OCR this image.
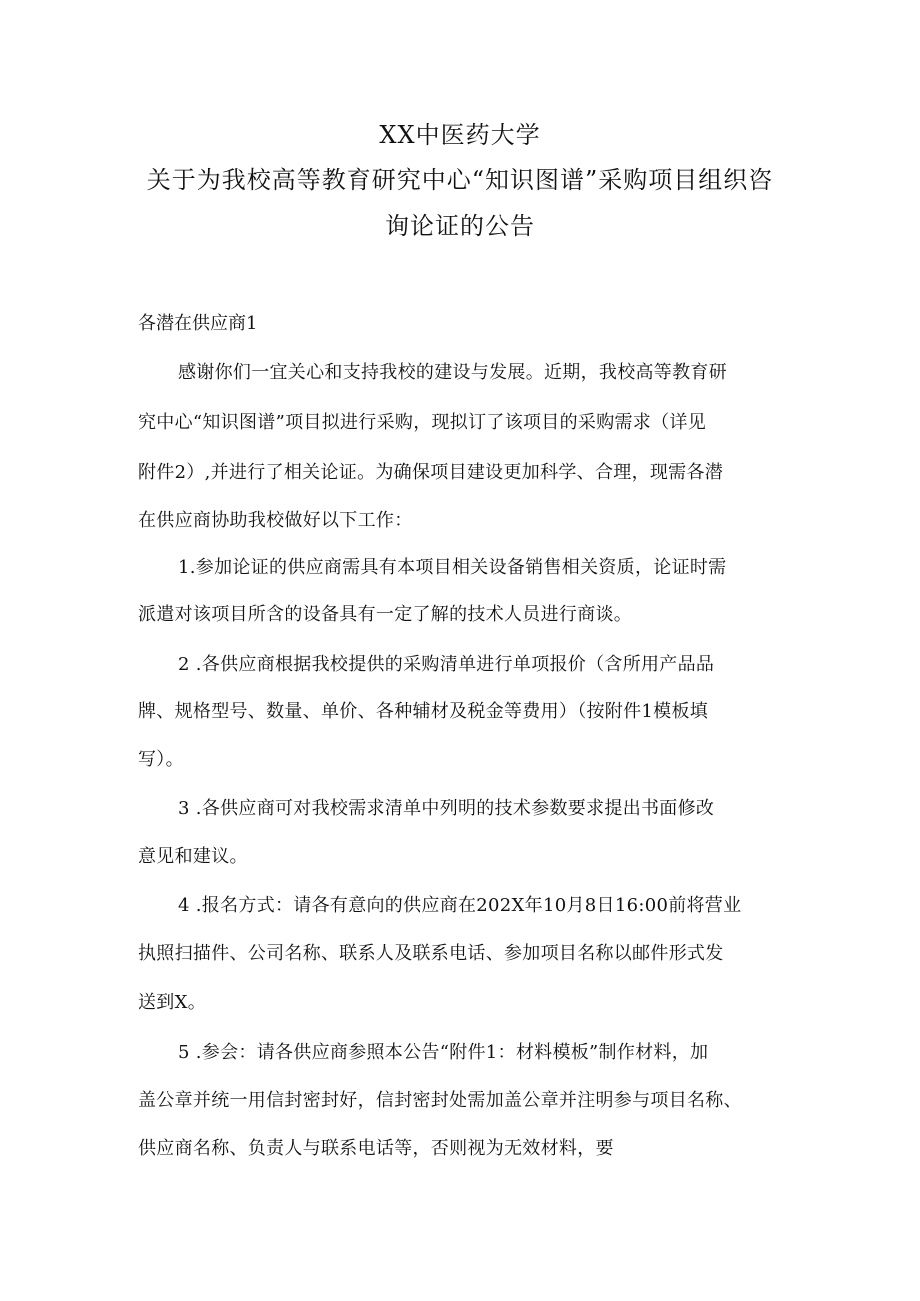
XX中医药大学
关于为我校高等教育研究中心“知识图谱”采购项目组织咨
询论证的公告
各潜在供应商1
感谢你们一宜关心和支持我校的建设与发展。近期，我校高等教育研
究中心“知识图谱”项目拟进行采购，现拟订了该项目的采购需求（详见
附件2）,并进行了相关论证。为确保项目建设更加科学、合理，现需各潜
在供应商协助我校做好以下工作：
1.参加论证的供应商需具有本项目相关设备销售相关资质，论证时需
派遣对该项目所含的设备具有一定了解的技术人员进行商谈。
2 .各供应商根据我校提供的采购清单进行单项报价（含所用产品品
牌、规格型号、数量、单价、各种辅材及税金等费用）（按附件1模板填
写）。
3 .各供应商可对我校需求清单中列明的技术参数要求提出书面修改
意见和建议。
4 .报名方式：请各有意向的供应商在202X年10月8日16:00前将营业
执照扫描件、公司名称、联系人及联系电话、参加项目名称以邮件形式发
送到X。
5 .参会：请各供应商参照本公告“附件1：材料模板”制作材料，加
盖公章并统一用信封密封好，信封密封处需加盖公章并注明参与项目名称、
供应商名称、负责人与联系电话等，否则视为无效材料，要
